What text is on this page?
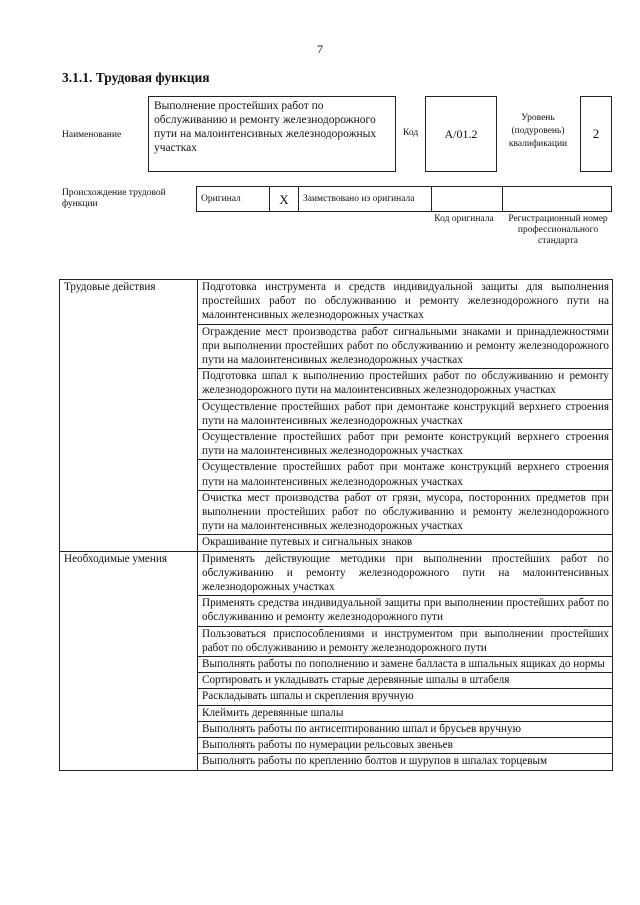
7
3.1.1. Трудовая функция
Наименование
Выполнение простейших работ по обслуживанию и ремонту железнодорожного пути на малоинтенсивных железнодорожных участках
Код А/01.2
Уровень (подуровень) квалификации
2
Происхождение трудовой функции
Оригинал	X	Заимствовано из оригинала		
Код оригинала	Регистрационный номер профессионального стандарта
Трудовые действия	Подготовка инструмента и средств индивидуальной защиты для выполнения простейших работ по обслуживанию и ремонту железнодорожного пути на малоинтенсивных железнодорожных участках
	Ограждение мест производства работ сигнальными знаками и принадлежностями при выполнении простейших работ по обслуживанию и ремонту железнодорожного пути на малоинтенсивных железнодорожных участках
	Подготовка шпал к выполнению простейших работ по обслуживанию и ремонту железнодорожного пути на малоинтенсивных железнодорожных участках
	Осуществление простейших работ при демонтаже конструкций верхнего строения пути на малоинтенсивных железнодорожных участках
	Осуществление простейших работ при ремонте конструкций верхнего строения пути на малоинтенсивных железнодорожных участках
	Осуществление простейших работ при монтаже конструкций верхнего строения пути на малоинтенсивных железнодорожных участках
	Очистка мест производства работ от грязи, мусора, посторонних предметов при выполнении простейших работ по обслуживанию и ремонту железнодорожного пути на малоинтенсивных железнодорожных участках
	Окрашивание путевых и сигнальных знаков
Необходимые умения	Применять действующие методики при выполнении простейших работ по обслуживанию и ремонту железнодорожного пути на малоинтенсивных железнодорожных участках
	Применять средства индивидуальной защиты при выполнении простейших работ по обслуживанию и ремонту железнодорожного пути
	Пользоваться приспособлениями и инструментом при выполнении простейших работ по обслуживанию и ремонту железнодорожного пути
	Выполнять работы по пополнению и замене балласта в шпальных ящиках до нормы
	Сортировать и укладывать старые деревянные шпалы в штабеля
	Раскладывать шпалы и скрепления вручную
	Клеймить деревянные шпалы
	Выполнять работы по антисептированию шпал и брусьев вручную
	Выполнять работы по нумерации рельсовых звеньев
	Выполнять работы по креплению болтов и шурупов в шпалах торцевым
